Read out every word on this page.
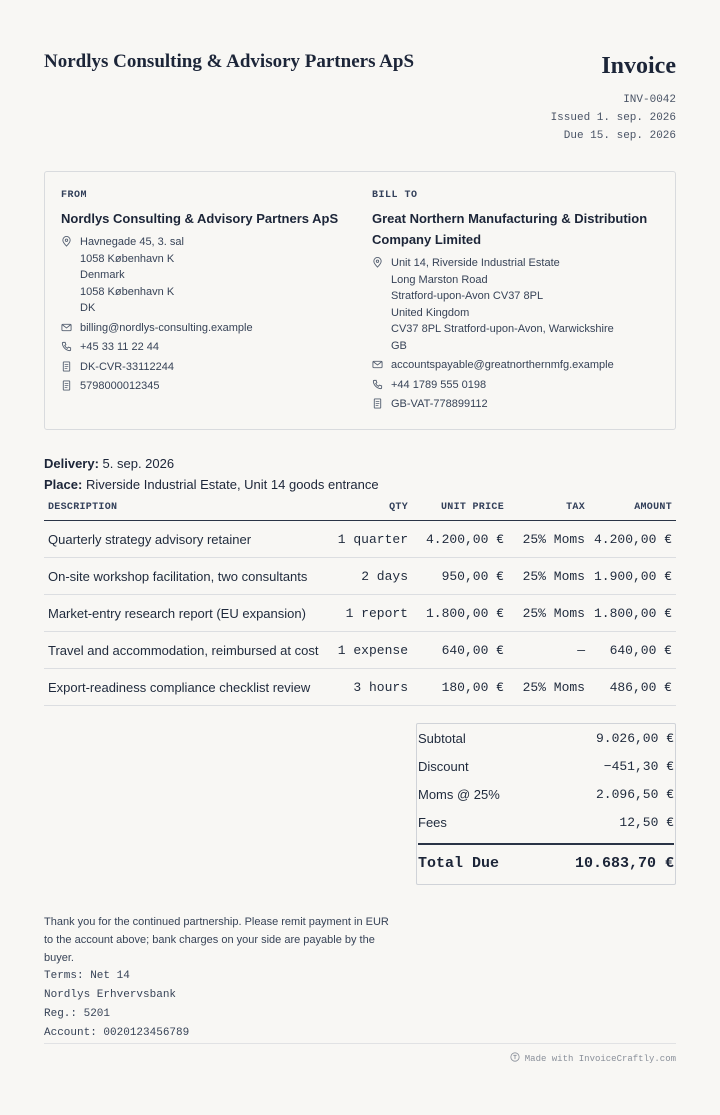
Nordlys Consulting & Advisory Partners ApS	Invoice
INV-0042
Issued 1. sep. 2026
Due 15. sep. 2026
FROM
Nordlys Consulting & Advisory Partners ApS
Havnegade 45, 3. sal
1058 København K
Denmark
1058 København K
DK
billing@nordlys-consulting.example
+45 33 11 22 44
DK-CVR-33112244
5798000012345
BILL TO
Great Northern Manufacturing & Distribution
Company Limited
Unit 14, Riverside Industrial Estate
Long Marston Road
Stratford-upon-Avon CV37 8PL
United Kingdom
CV37 8PL Stratford-upon-Avon, Warwickshire
GB
accountspayable@greatnorthernmfg.example
+44 1789 555 0198
GB-VAT-778899112
Delivery: 5. sep. 2026
Place: Riverside Industrial Estate, Unit 14 goods entrance
DESCRIPTION	QTY	UNIT PRICE	TAX	AMOUNT
Quarterly strategy advisory retainer	1 quarter	4.200,00 €	25% Moms	4.200,00 €
On-site workshop facilitation, two consultants	2 days	950,00 €	25% Moms	1.900,00 €
Market-entry research report (EU expansion)	1 report	1.800,00 €	25% Moms	1.800,00 €
Travel and accommodation, reimbursed at cost	1 expense	640,00 €	—	640,00 €
Export-readiness compliance checklist review	3 hours	180,00 €	25% Moms	486,00 €
Subtotal	9.026,00 €
Discount	−451,30 €
Moms @ 25%	2.096,50 €
Fees	12,50 €
Total Due	10.683,70 €
Thank you for the continued partnership. Please remit payment in EUR to the account above; bank charges on your side are payable by the buyer.
Terms: Net 14
Nordlys Erhvervsbank
Reg.: 5201
Account: 0020123456789
Made with InvoiceCraftly.com
